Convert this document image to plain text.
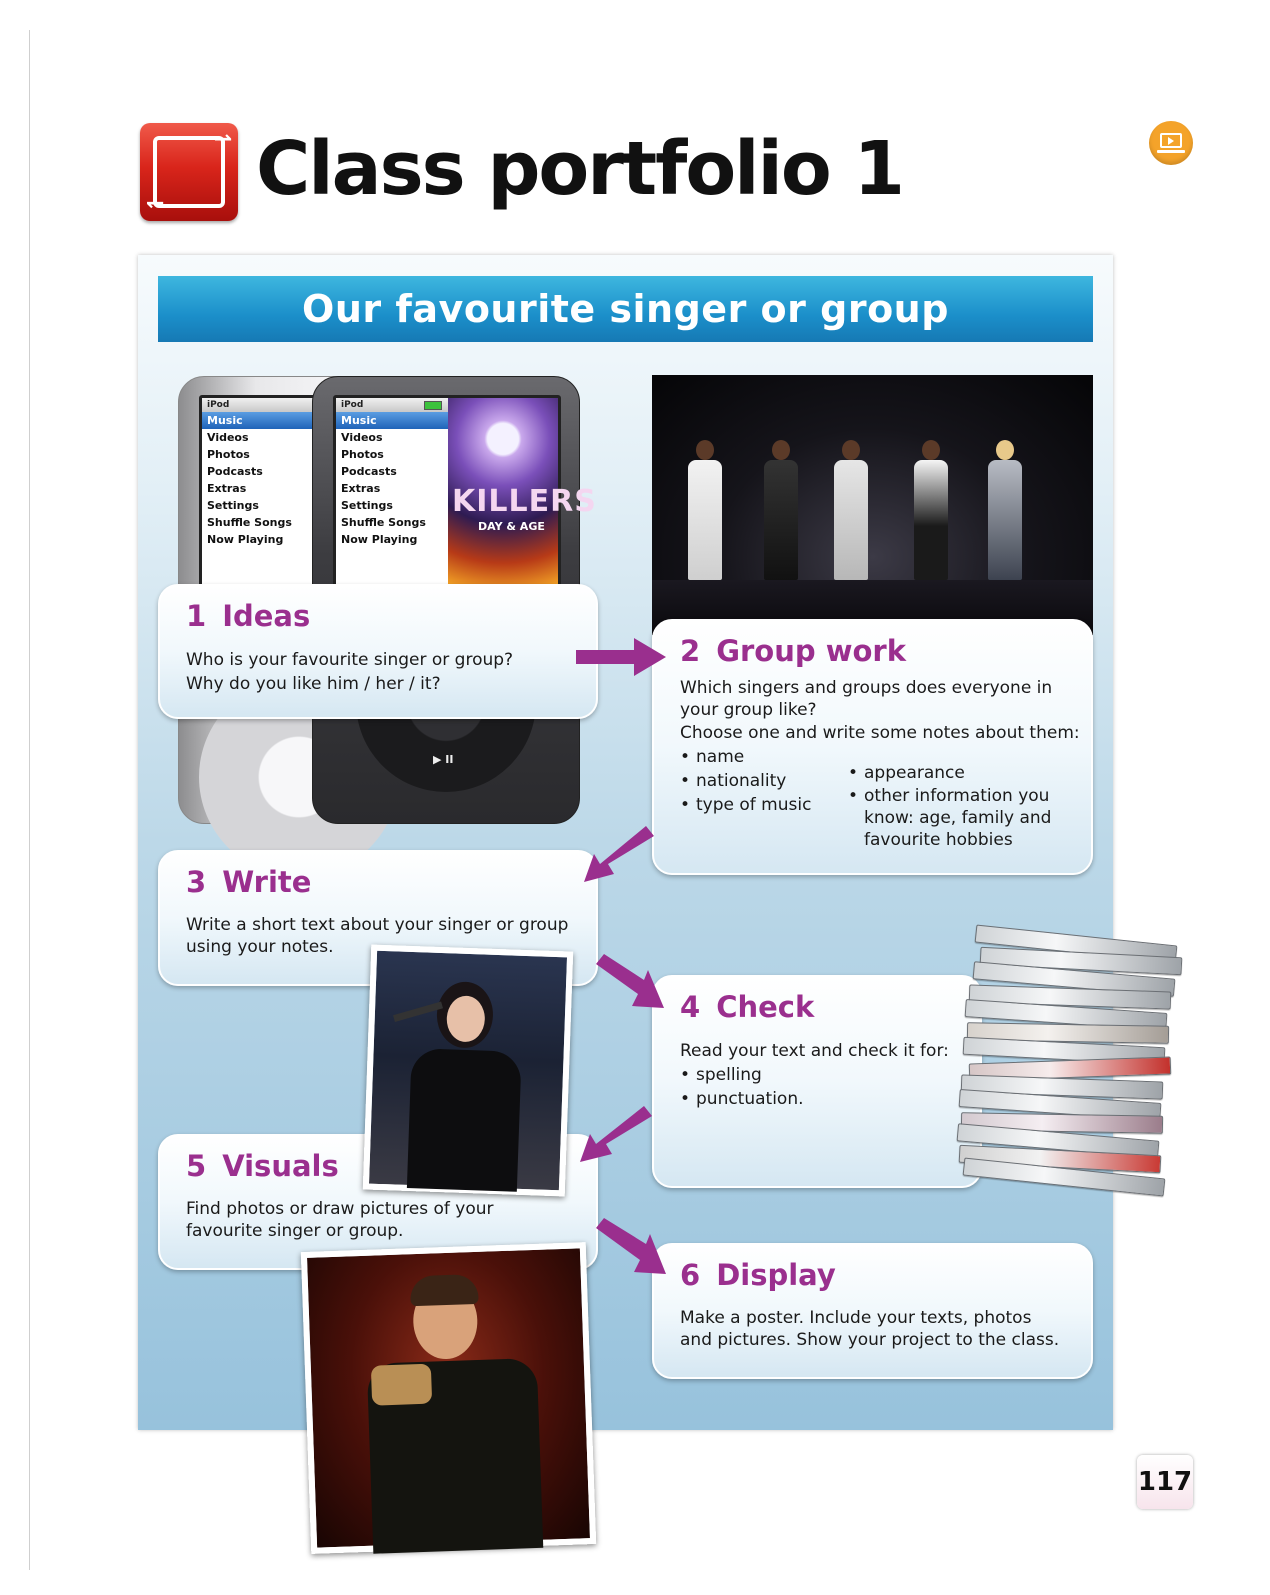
⇀
↽ Class portfolio 1
Our favourite singer or group
iPod
Music
Videos
Photos
Podcasts
Extras
Settings
Shuffle Songs
Now Playing
iPod
Music
Videos
Photos
Podcasts
Extras
Settings
Shuffle Songs
Now Playing
KILLERS
DAY & AGE
▶ II
1 Ideas

Who is your favourite singer or group?

Why do you like him / her / it?

2 Group work

Which singers and groups does everyone in your group like?

Choose one and write some notes about them:

• name
• nationality
• type of music
• appearance
• other information you know: age, family and favourite hobbies
3 Write

Write a short text about your singer or group using your notes.

4 Check

Read your text and check it for:

• spelling
• punctuation.
5 Visuals

Find photos or draw pictures of your favourite singer or group.

6 Display

Make a poster. Include your texts, photos and pictures. Show your project to the class.

117
